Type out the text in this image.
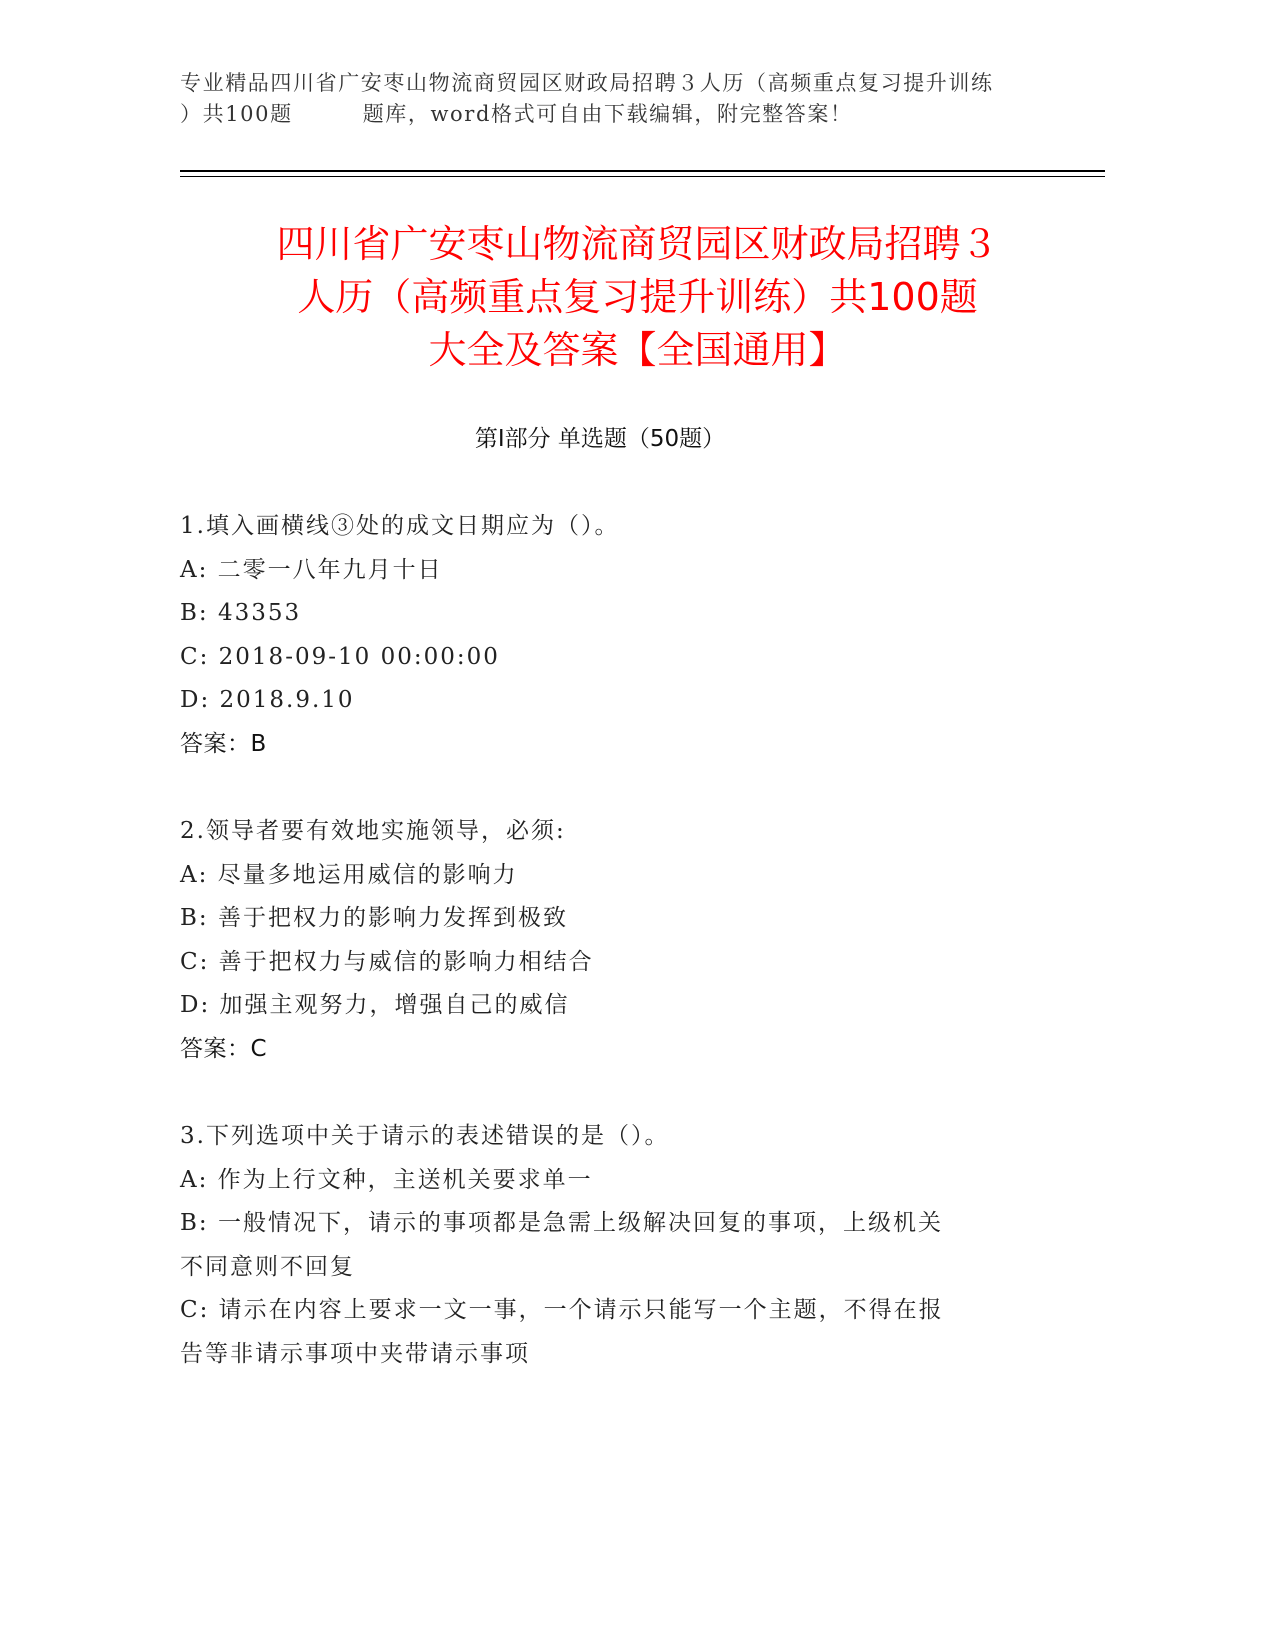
专业精品四川省广安枣山物流商贸园区财政局招聘３人历（高频重点复习提升训练
）共100题	题库，word格式可自由下载编辑，附完整答案！
四川省广安枣山物流商贸园区财政局招聘３
人历（高频重点复习提升训练）共100题
大全及答案【全国通用】
第Ⅰ部分 单选题（50题）
1.填入画横线③处的成文日期应为（）。
A: 二零一八年九月十日
B: 43353
C: 2018-09-10 00:00:00
D: 2018.9.10
答案：B
2.领导者要有效地实施领导，必须:
A: 尽量多地运用威信的影响力
B: 善于把权力的影响力发挥到极致
C: 善于把权力与威信的影响力相结合
D: 加强主观努力，增强自己的威信
答案：C
3.下列选项中关于请示的表述错误的是（）。
A: 作为上行文种，主送机关要求单一
B: 一般情况下，请示的事项都是急需上级解决回复的事项，上级机关
不同意则不回复
C: 请示在内容上要求一文一事，一个请示只能写一个主题，不得在报
告等非请示事项中夹带请示事项
